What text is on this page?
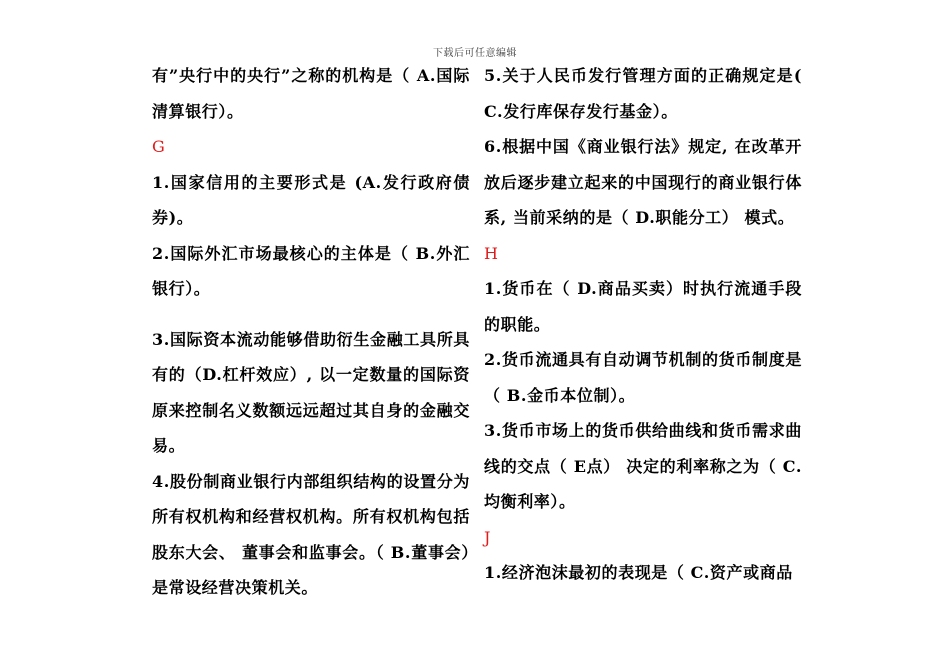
下载后可任意编辑

有”央行中的央行”之称的机构是（ A.国际清算银行）。

G

1.国家信用的主要形式是 (A.发行政府债券)。

2.国际外汇市场最核心的主体是（ B.外汇银行）。

3.国际资本流动能够借助衍生金融工具所具有的（D.杠杆效应）, 以一定数量的国际资原来控制名义数额远远超过其自身的金融交易。

4.股份制商业银行内部组织结构的设置分为所有权机构和经营权机构。所有权机构包括股东大会、 董事会和监事会。（ B.董事会）是常设经营决策机关。

5.关于人民币发行管理方面的正确规定是( C.发行库保存发行基金）。

6.根据中国《商业银行法》规定, 在改革开放后逐步建立起来的中国现行的商业银行体系, 当前采纳的是（ D.职能分工） 模式。

H

1.货币在（ D.商品买卖）时执行流通手段的职能。

2.货币流通具有自动调节机制的货币制度是（ B.金币本位制）。

3.货币市场上的货币供给曲线和货币需求曲线的交点（ E点） 决定的利率称之为（ C.均衡利率）。

J

1.经济泡沫最初的表现是（ C.资产或商品
